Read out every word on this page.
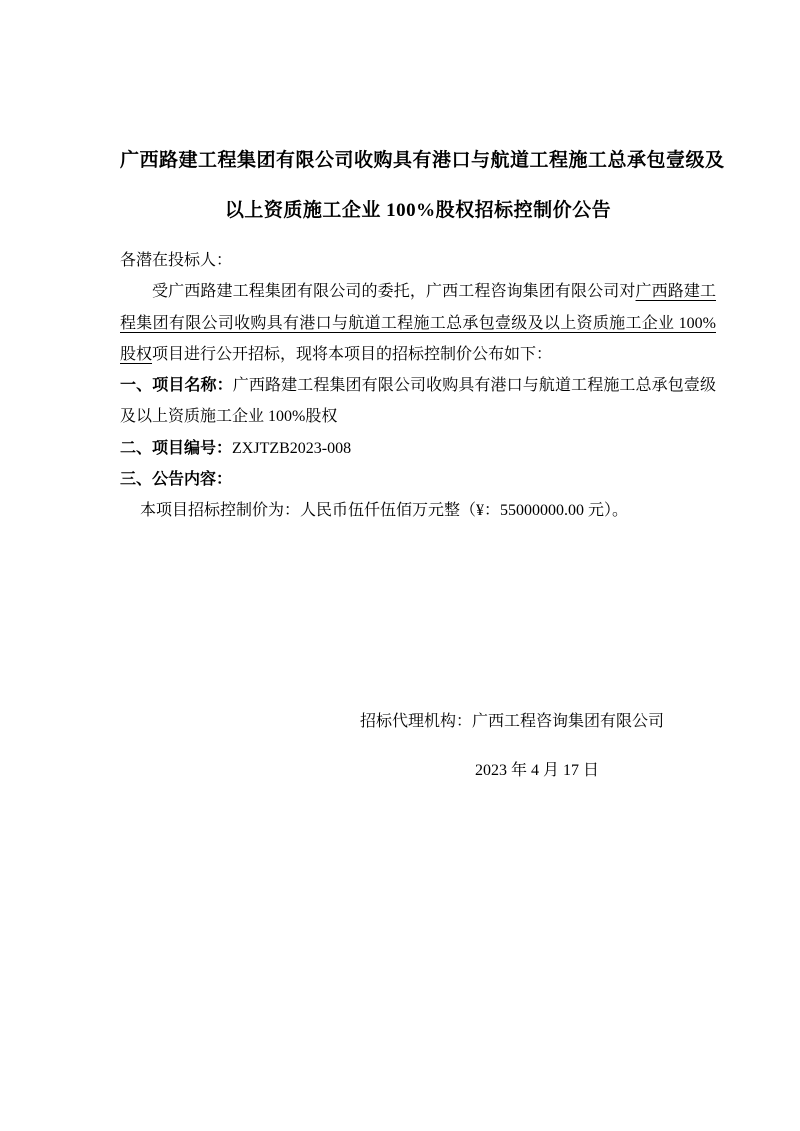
广西路建工程集团有限公司收购具有港口与航道工程施工总承包壹级及
以上资质施工企业 100%股权招标控制价公告

各潜在投标人：

受广西路建工程集团有限公司的委托，广西工程咨询集团有限公司对广西路建工程集团有限公司收购具有港口与航道工程施工总承包壹级及以上资质施工企业 100%股权项目进行公开招标，现将本项目的招标控制价公布如下：

一、项目名称：广西路建工程集团有限公司收购具有港口与航道工程施工总承包壹级及以上资质施工企业 100%股权

二、项目编号：ZXJTZB2023-008

三、公告内容：

本项目招标控制价为：人民币伍仟伍佰万元整（¥：55000000.00 元）。

招标代理机构：广西工程咨询集团有限公司

2023 年 4 月 17 日
